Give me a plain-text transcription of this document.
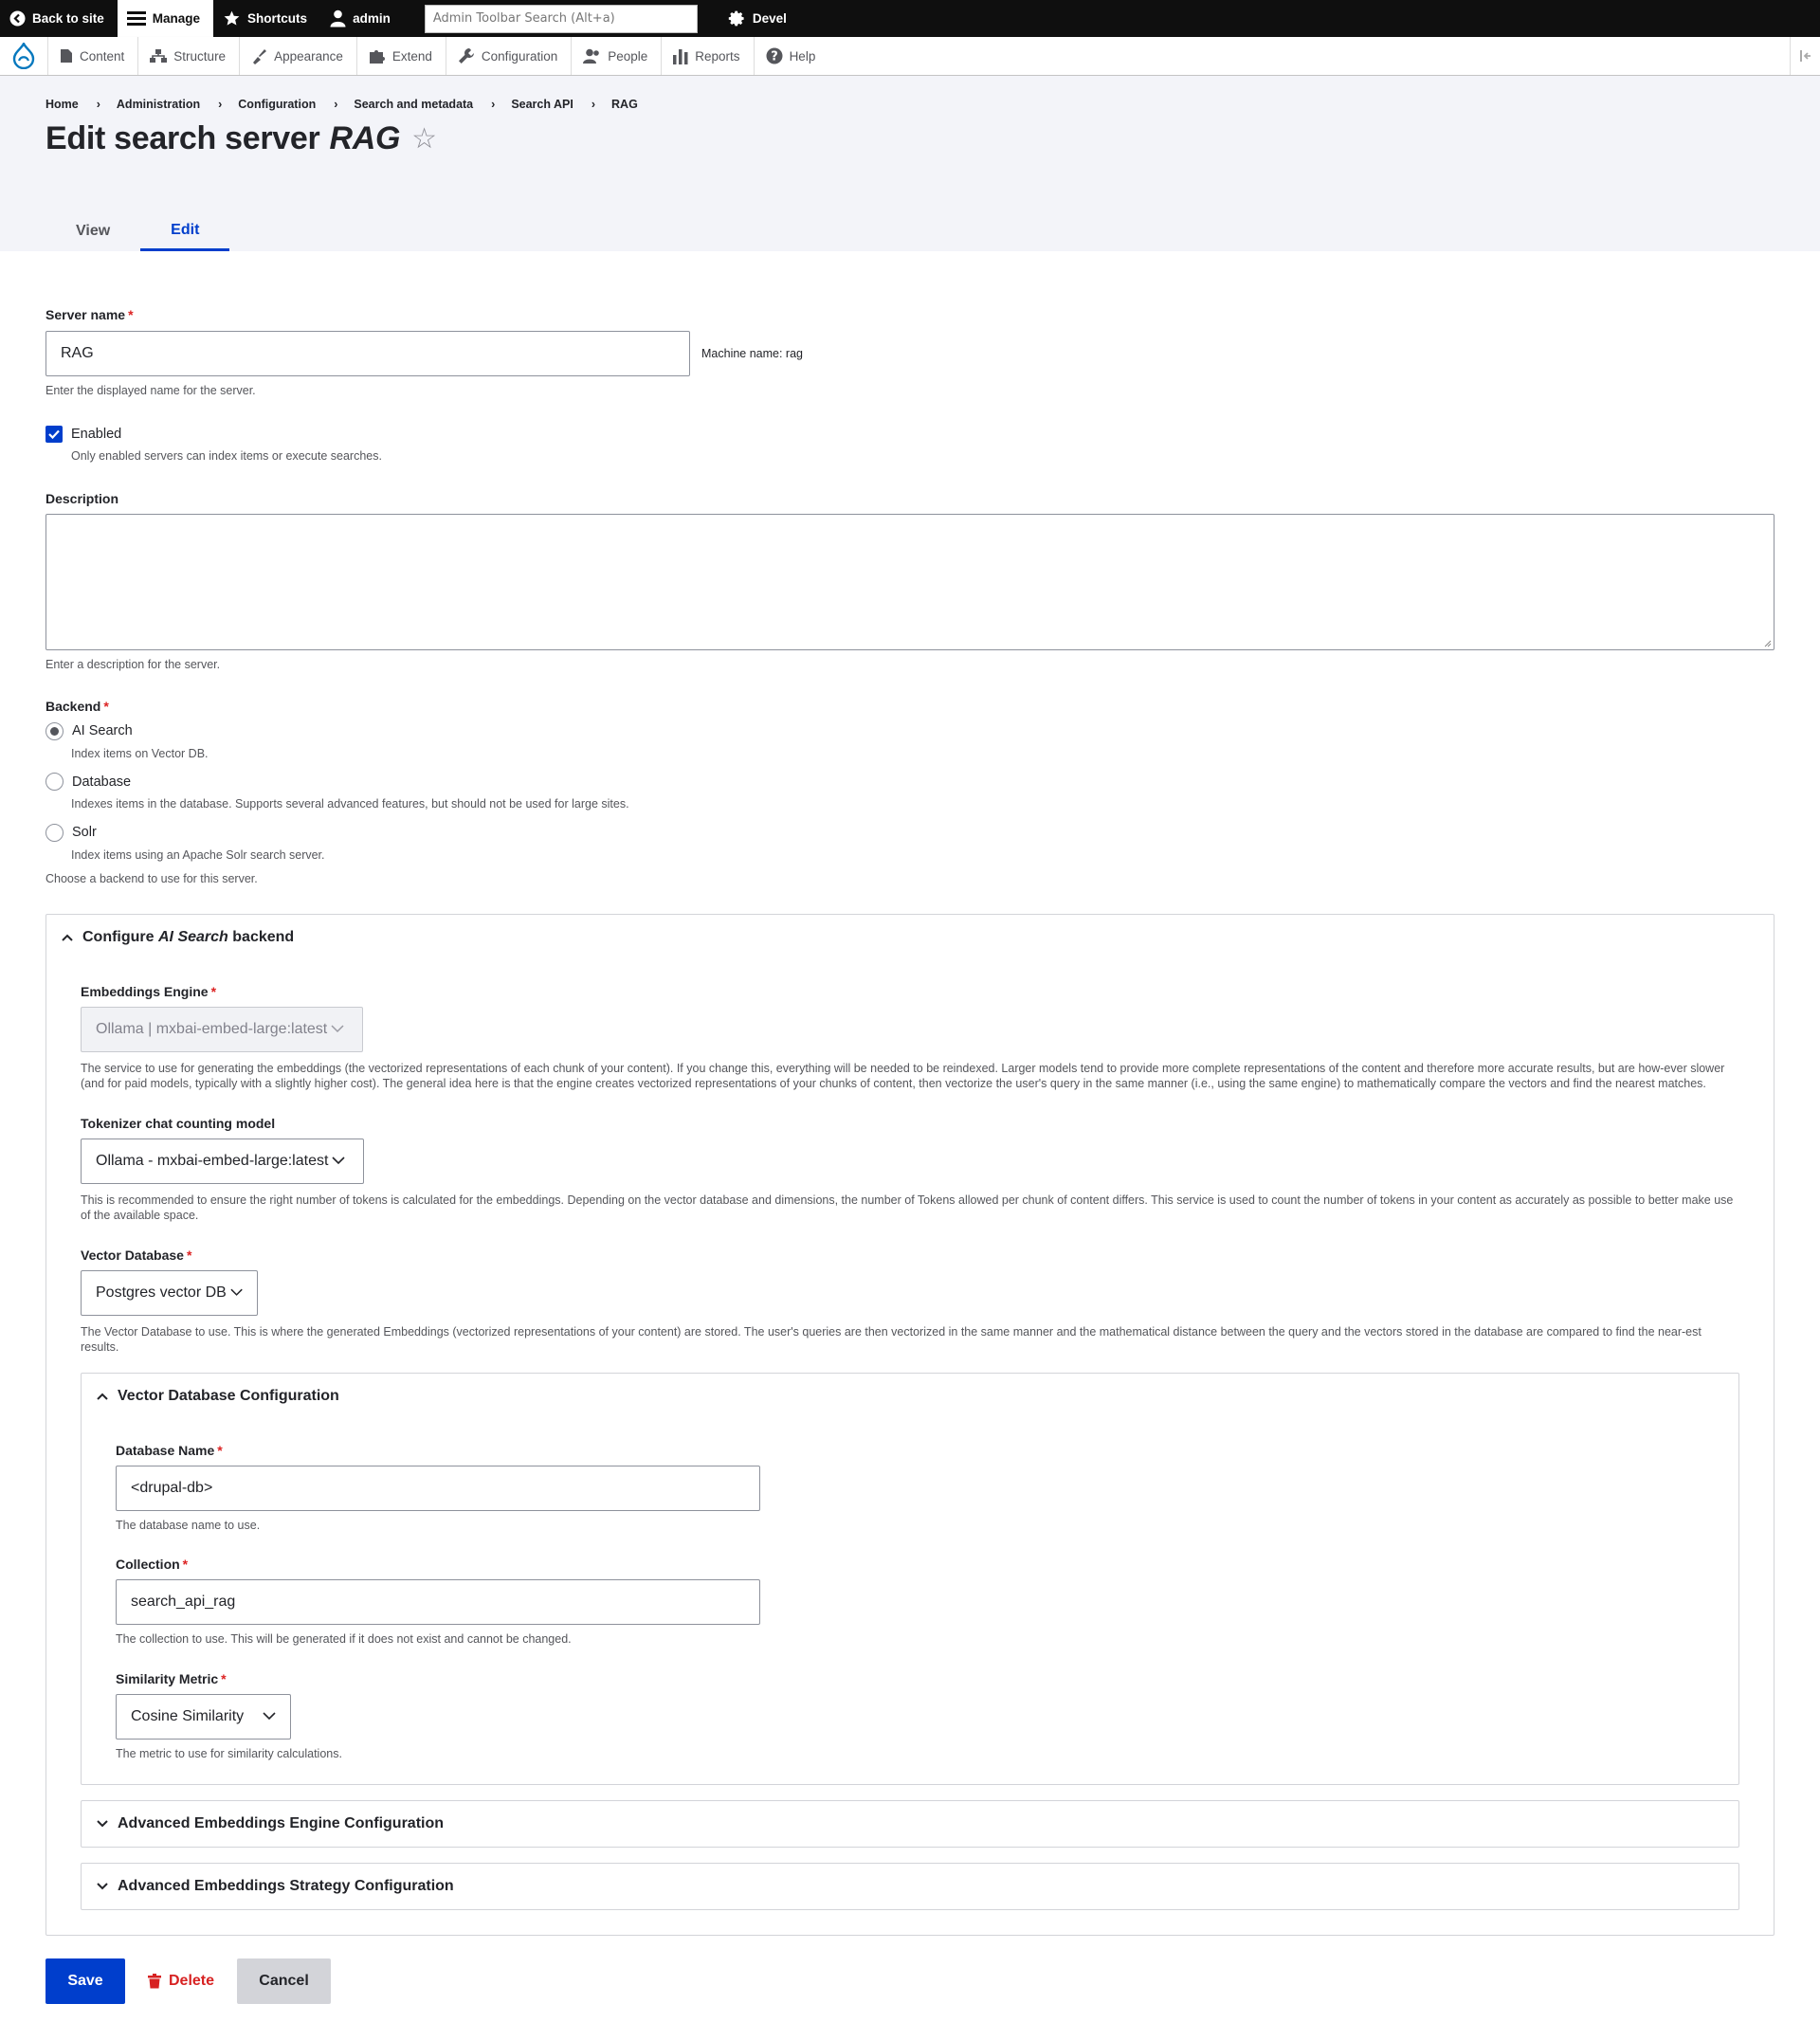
Back to site	Manage	Shortcuts	admin	Admin Toolbar Search (Alt+a)	Devel
Content	Structure	Appearance	Extend	Configuration	People	Reports ? Help
Home › Administration › Configuration › Search and metadata › Search API › RAG
Edit search server RAG ☆
View	Edit
Server name *
RAG	Machine name: rag
Enter the displayed name for the server.
Enabled
Only enabled servers can index items or execute searches.
Description
Enter a description for the server.
Backend *
AI Search
Index items on Vector DB.
Database
Indexes items in the database. Supports several advanced features, but should not be used for large sites.
Solr
Index items using an Apache Solr search server.
Choose a backend to use for this server.
Configure AI Search backend
Embeddings Engine *
Ollama | mxbai-embed-large:latest
The service to use for generating the embeddings (the vectorized representations of each chunk of your content). If you change this, everything will be needed to be reindexed. Larger models tend to provide more complete representations of the content and therefore more accurate results, but are how-ever slower (and for paid models, typically with a slightly higher cost). The general idea here is that the engine creates vectorized representations of your chunks of content, then vectorize the user's query in the same manner (i.e., using the same engine) to mathematically compare the vectors and find the nearest matches.
Tokenizer chat counting model
Ollama - mxbai-embed-large:latest
This is recommended to ensure the right number of tokens is calculated for the embeddings. Depending on the vector database and dimensions, the number of Tokens allowed per chunk of content differs. This service is used to count the number of tokens in your content as accurately as possible to better make use of the available space.
Vector Database *
Postgres vector DB
The Vector Database to use. This is where the generated Embeddings (vectorized representations of your content) are stored. The user's queries are then vectorized in the same manner and the mathematical distance between the query and the vectors stored in the database are compared to find the near-est results.
Vector Database Configuration
Database Name *
<drupal-db>
The database name to use.
Collection *
search_api_rag
The collection to use. This will be generated if it does not exist and cannot be changed.
Similarity Metric *
Cosine Similarity
The metric to use for similarity calculations.
Advanced Embeddings Engine Configuration
Advanced Embeddings Strategy Configuration
Save	Delete	Cancel
